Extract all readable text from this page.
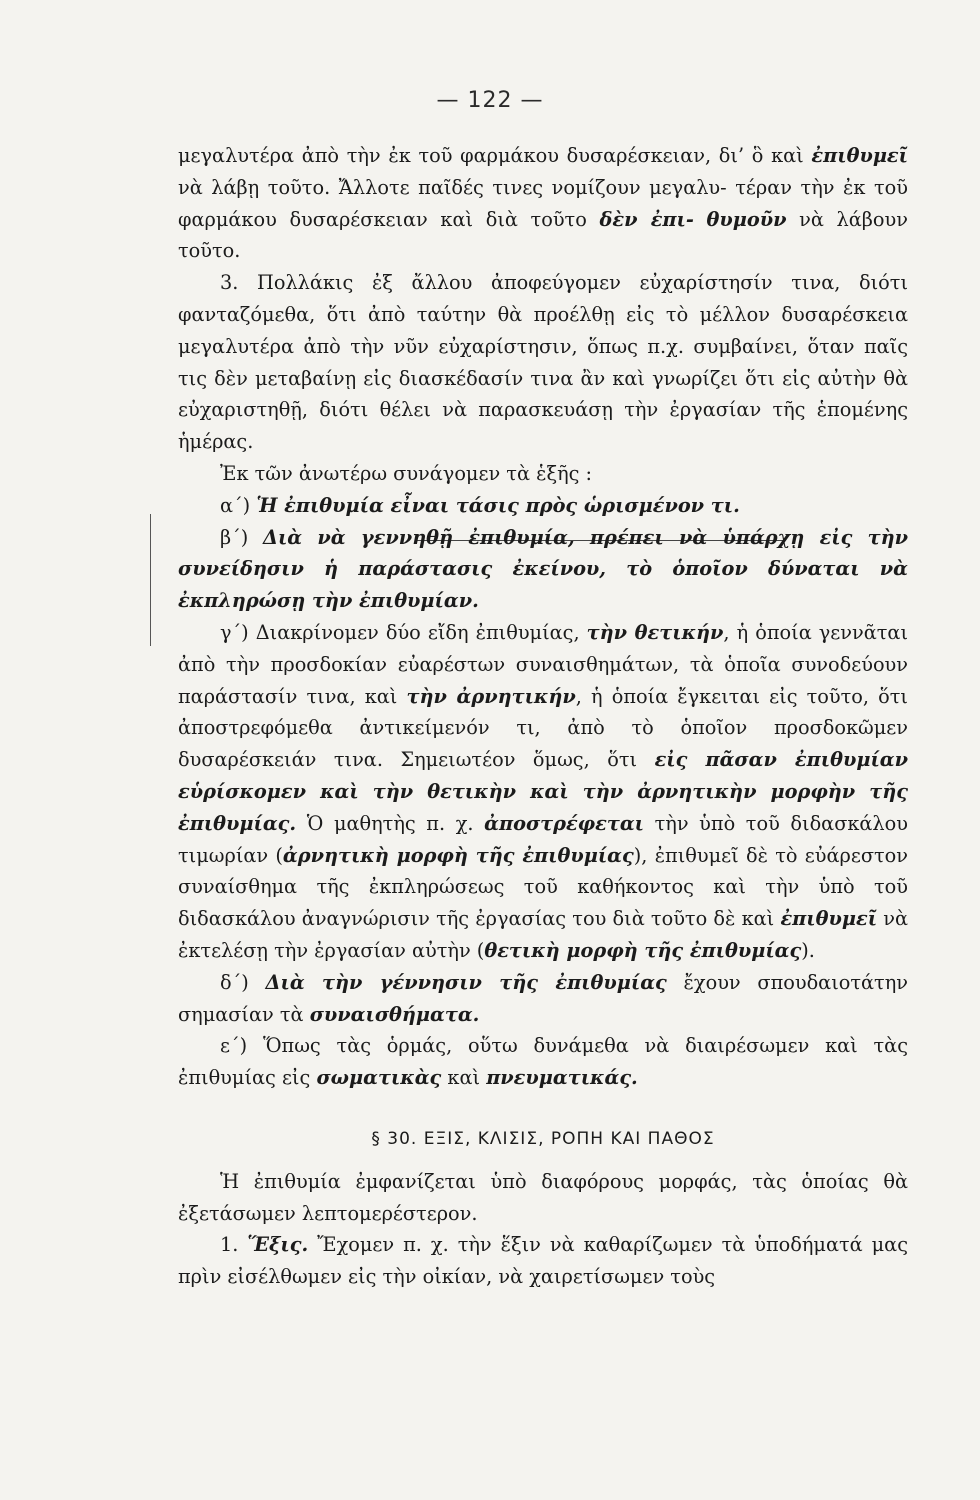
— 122 —

μεγαλυτέρα ἀπὸ τὴν ἐκ τοῦ φαρμάκου δυσαρέσκειαν, δι’ ὃ καὶ ἐπιθυμεῖ νὰ λάβῃ τοῦτο. Ἄλλοτε παῖδές τινες νομίζουν μεγαλυ- τέραν τὴν ἐκ τοῦ φαρμάκου δυσαρέσκειαν καὶ διὰ τοῦτο δὲν ἐπι- θυμοῦν νὰ λάβουν τοῦτο.

3. Πολλάκις ἐξ ἄλλου ἀποφεύγομεν εὐχαρίστησίν τινα, διότι φανταζόμεθα, ὅτι ἀπὸ ταύτην θὰ προέλθῃ εἰς τὸ μέλλον δυσαρέσκεια μεγαλυτέρα ἀπὸ τὴν νῦν εὐχαρίστησιν, ὅπως π.χ. συμβαίνει, ὅταν παῖς τις δὲν μεταβαίνῃ εἰς διασκέδασίν τινα ἂν καὶ γνωρίζει ὅτι εἰς αὐτὴν θὰ εὐχαριστηθῇ, διότι θέλει νὰ παρασκευάσῃ τὴν ἐργασίαν τῆς ἑπομένης ἡμέρας.

Ἐκ τῶν ἀνωτέρω συνάγομεν τὰ ἑξῆς :

α΄) Ἡ ἐπιθυμία εἶναι τάσις πρὸς ὡρισμένον τι.

β΄) Διὰ νὰ γεννηθῇ ἐπιθυμία, πρέπει νὰ ὑπάρχῃ εἰς τὴν συνείδησιν ἡ παράστασις ἐκείνου, τὸ ὁποῖον δύναται νὰ ἐκπληρώσῃ τὴν ἐπιθυμίαν.

γ΄) Διακρίνομεν δύο εἴδη ἐπιθυμίας, τὴν θετικήν, ἡ ὁποία γεννᾶται ἀπὸ τὴν προσδοκίαν εὐαρέστων συναισθημάτων, τὰ ὁποῖα συνοδεύουν παράστασίν τινα, καὶ τὴν ἀρνητικήν, ἡ ὁποία ἔγκειται εἰς τοῦτο, ὅτι ἀποστρεφόμεθα ἀντικείμενόν τι, ἀπὸ τὸ ὁποῖον προσδοκῶμεν δυσαρέσκειάν τινα. Σημειωτέον ὅμως, ὅτι εἰς πᾶσαν ἐπιθυμίαν εὑρίσκομεν καὶ τὴν θετικὴν καὶ τὴν ἀρνητικὴν μορφὴν τῆς ἐπιθυμίας. Ὁ μαθητὴς π. χ. ἀποστρέφεται τὴν ὑπὸ τοῦ διδασκάλου τιμωρίαν (ἀρνητικὴ μορφὴ τῆς ἐπιθυμίας), ἐπιθυμεῖ δὲ τὸ εὐάρεστον συναίσθημα τῆς ἐκπληρώσεως τοῦ καθήκοντος καὶ τὴν ὑπὸ τοῦ διδασκάλου ἀναγνώρισιν τῆς ἐργασίας του διὰ τοῦτο δὲ καὶ ἐπιθυμεῖ νὰ ἐκτελέσῃ τὴν ἐργασίαν αὐτὴν (θετικὴ μορφὴ τῆς ἐπιθυμίας).

δ΄) Διὰ τὴν γέννησιν τῆς ἐπιθυμίας ἔχουν σπουδαιοτάτην σημασίαν τὰ συναισθήματα.

ε΄) Ὅπως τὰς ὁρμάς, οὕτω δυνάμεθα νὰ διαιρέσωμεν καὶ τὰς ἐπιθυμίας εἰς σωματικὰς καὶ πνευματικάς.

§ 30. ΕΞΙΣ, ΚΛΙΣΙΣ, ΡΟΠΗ ΚΑΙ ΠΑΘΟΣ

Ἡ ἐπιθυμία ἐμφανίζεται ὑπὸ διαφόρους μορφάς, τὰς ὁποίας θὰ ἐξετάσωμεν λεπτομερέστερον.

1. Ἕξις. Ἔχομεν π. χ. τὴν ἕξιν νὰ καθαρίζωμεν τὰ ὑποδήματά μας πρὶν εἰσέλθωμεν εἰς τὴν οἰκίαν, νὰ χαιρετίσωμεν τοὺς
